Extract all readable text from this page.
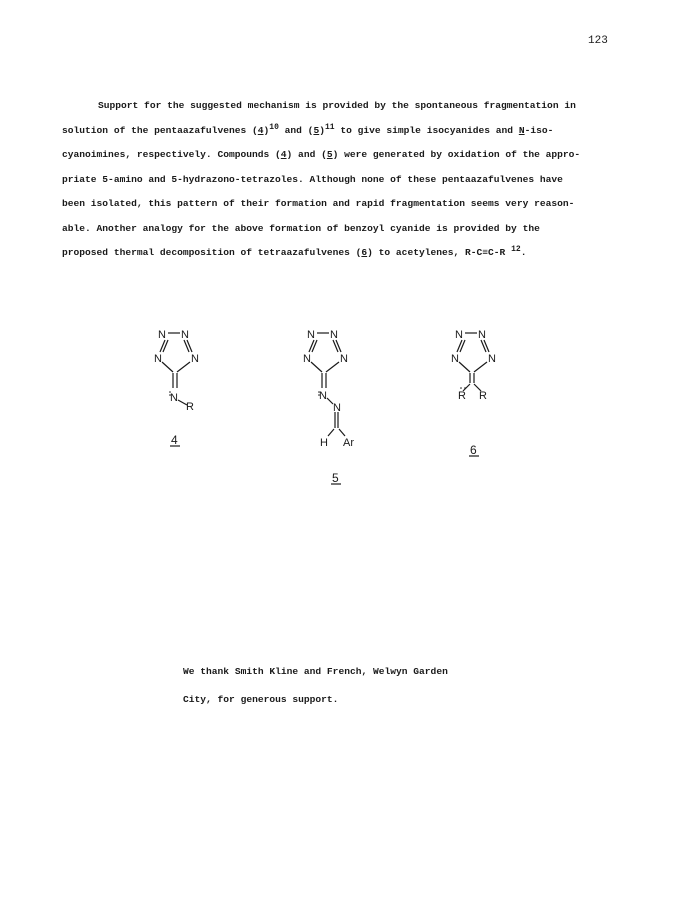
123

Support for the suggested mechanism is provided by the spontaneous fragmentation in
solution of the pentaazafulvenes $(4)^{10}$ and $(5)^{11}$ to give simple isocyanides and N-iso-
cyanoimines, respectively. Compounds (4) and (5) were generated by oxidation of the appro-
priate 5-amino and 5-hydrazono-tetrazoles. Although none of these pentaazafulvenes have
been isolated, this pattern of their formation and rapid fragmentation seems very reason-
able. Another analogy for the above formation of benzoyl cyanide is provided by the
proposed thermal decomposition of tetraazafulvenes (6) to acetylenes, R-C≡C-R $^{12}$.

N N
N	N
N
R
4
N N
N	N
N
N
H Ar
5
N N
N	N
R R
6

We thank Smith Kline and French, Welwyn Garden
City, for generous support.
